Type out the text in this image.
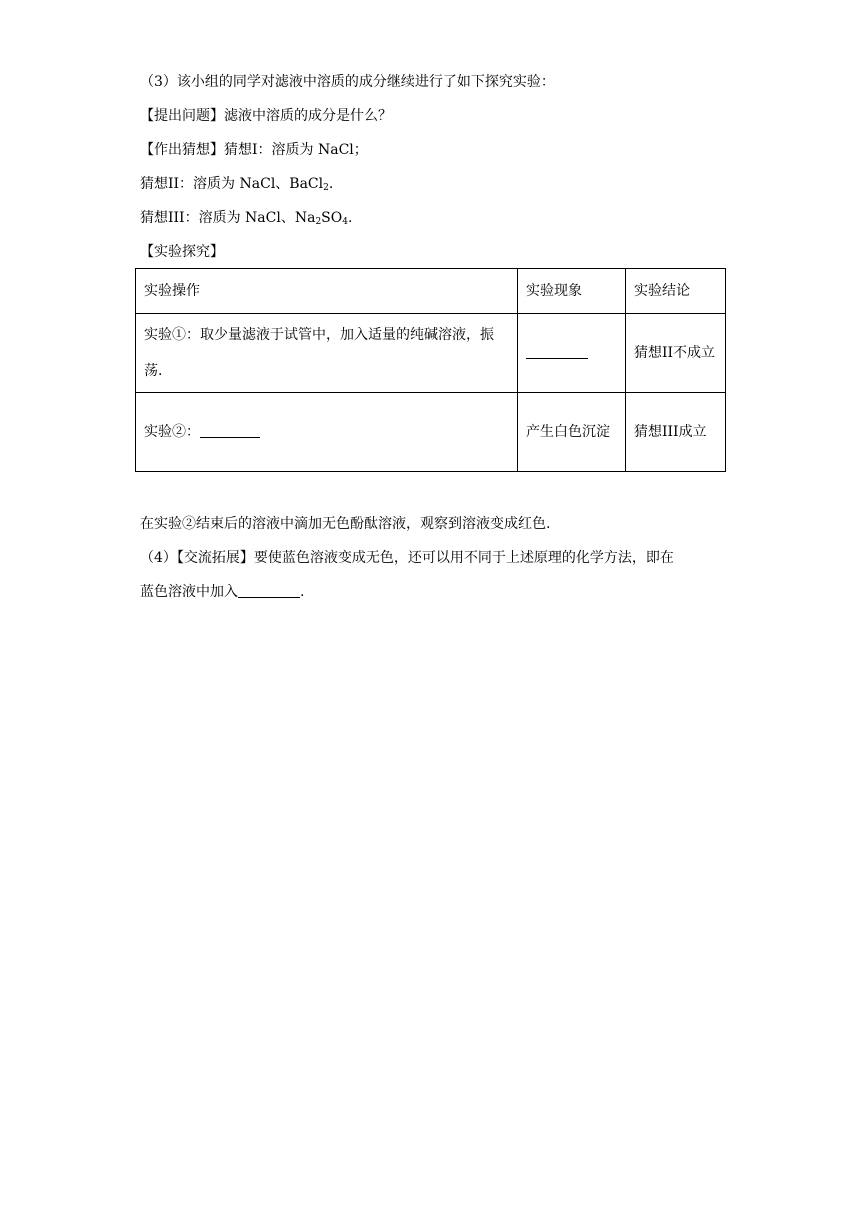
（3）该小组的同学对滤液中溶质的成分继续进行了如下探究实验：
【提出问题】滤液中溶质的成分是什么？
【作出猜想】猜想I：溶质为 NaCl；
猜想II：溶质为 NaCl、BaCl$_2$.
猜想III：溶质为 NaCl、$Na_2SO_4$.
【实验探究】
实验操作	实验现象	实验结论
实验①：取少量滤液于试管中，加入适量的纯碱溶液，振荡.		猜想II不成立
实验②：	产生白色沉淀	猜想III成立
在实验②结束后的溶液中滴加无色酚酞溶液，观察到溶液变成红色.
（4）【交流拓展】要使蓝色溶液变成无色，还可以用不同于上述原理的化学方法，即在
蓝色溶液中加入	.
